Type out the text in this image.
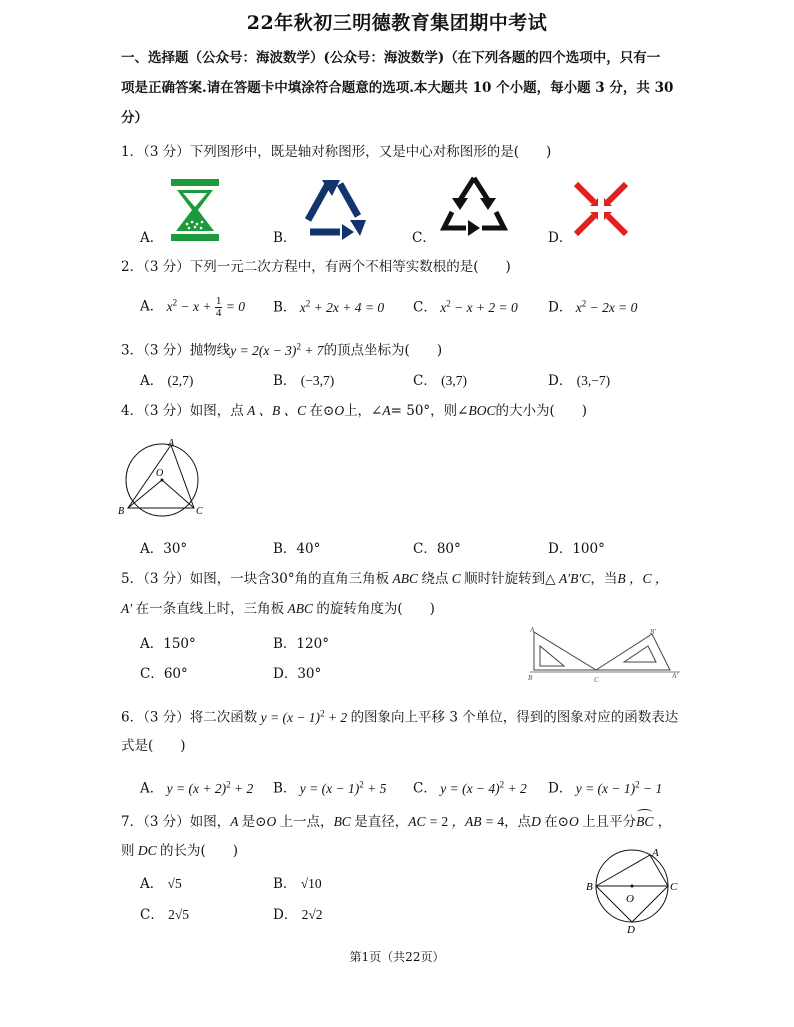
22年秋初三明德教育集团期中考试
一、选择题（公众号：海波数学）(公众号：海波数学)（在下列各题的四个选项中，只有一
项是正确答案.请在答题卡中填涂符合题意的选项.本大题共 10 个小题，每小题 3 分，共 30
分）
1．（3 分）下列图形中，既是轴对称图形，又是中心对称图形的是(　　)
A．	B．	C．	D．
2．（3 分）下列一元二次方程中，有两个不相等实数根的是(　　)
A． $x^2 - x + \frac{1}{4} = 0$ B． $x^2 + 2x + 4 = 0$ C． $x^2 - x + 2 = 0$ D． $x^2 - 2x = 0$
3．（3 分）抛物线$y = 2(x - 3)^2 + 7$的顶点坐标为(　　)
A． (2,7)	B． (−3,7)	C． (3,7)	D． (3,−7)
4．（3 分）如图，点 A 、B 、C 在⊙O上，∠A= 50°，则∠BOC的大小为(　　)
A
O
B	C
A．30°	B．40°	C．80°	D．100°
5．（3 分）如图，一块含30°角的直角三角板 ABC 绕点 C 顺时针旋转到△ A′B′C，当B ，C ，
A′ 在一条直线上时，三角板 ABC 的旋转角度为(　　)
A．150°	B．120°
C．60°	D．30°
A
B	C
B′
A′
6．（3 分）将二次函数 $y = (x - 1)^2 + 2$ 的图象向上平移 3 个单位，得到的图象对应的函数表达
式是(　　)
A． $y = (x + 2)^2 + 2$ B． $y = (x - 1)^2 + 5$ C． $y = (x - 4)^2 + 2$ D． $y = (x - 1)^2 - 1$
7．（3 分）如图，A 是⊙O 上一点，BC 是直径，AC = 2 ，AB = 4，点D 在⊙O 上且平分BC ，
则 DC 的长为(　　)
A． √5	B． √10
C． 2√5	D． 2√2
A
B	C
O
D
第1页（共22页）
